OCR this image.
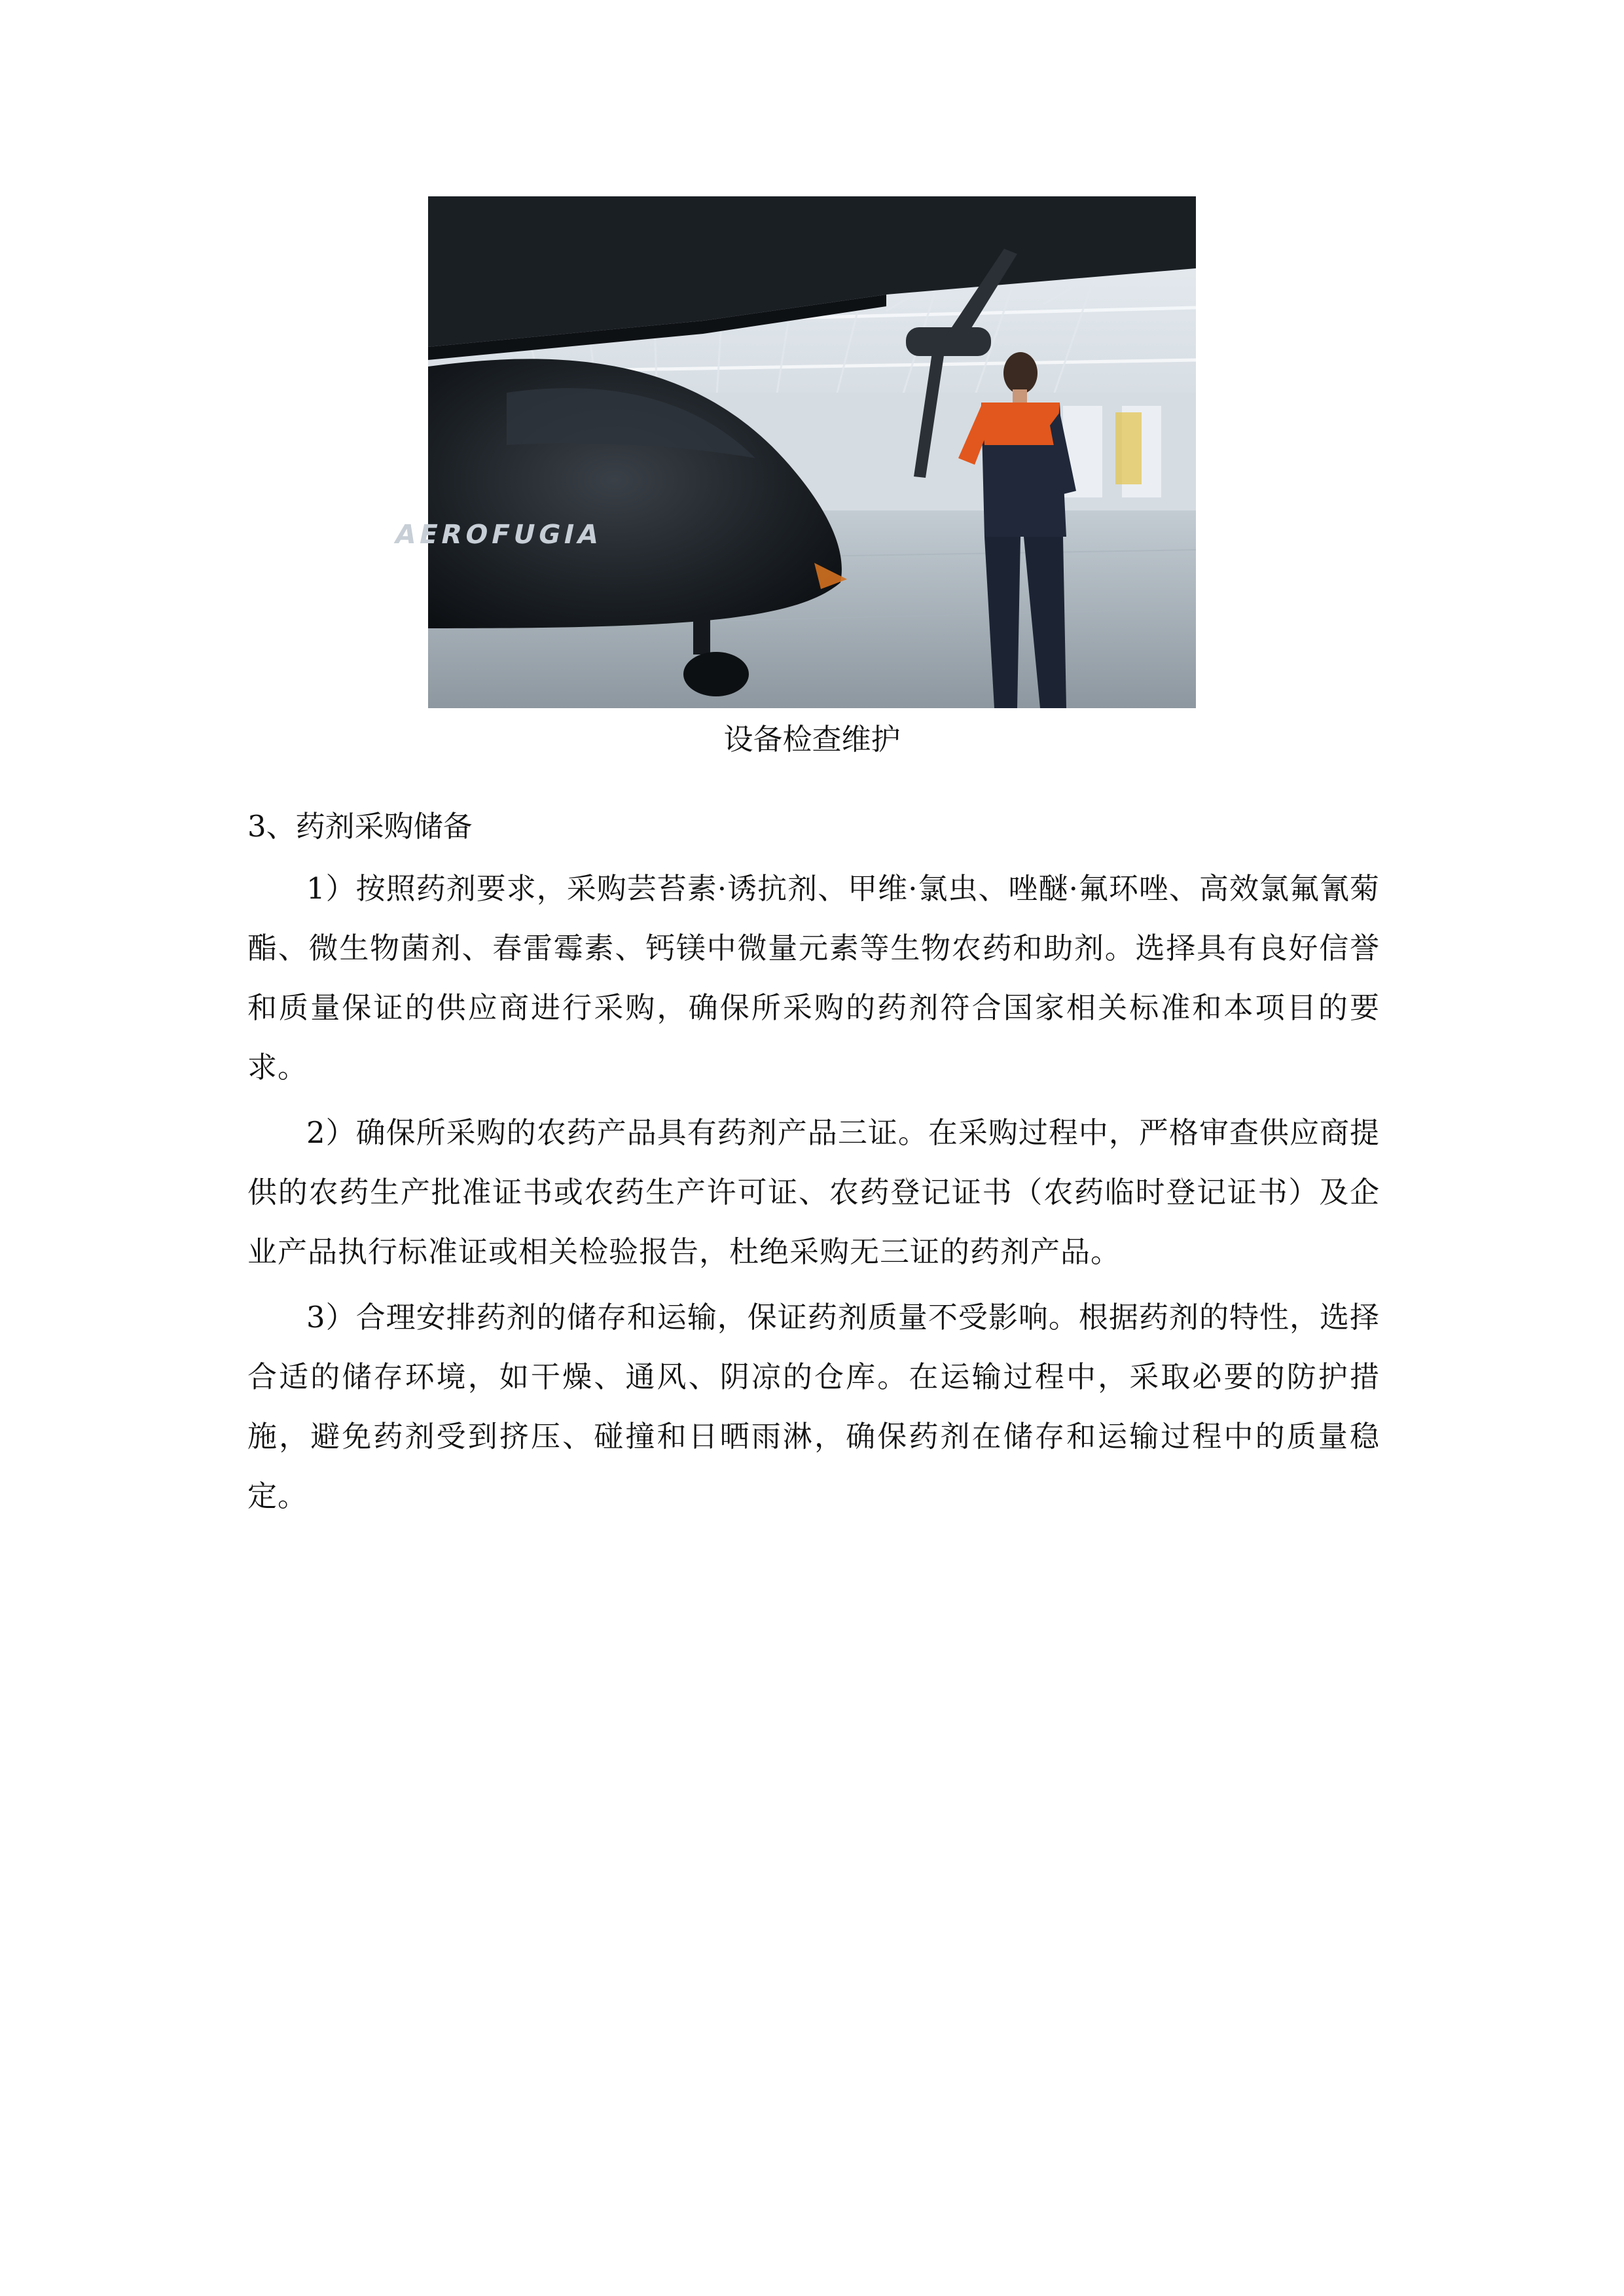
AEROFUGIA
设备检查维护

3、药剂采购储备

1）按照药剂要求，采购芸苔素·诱抗剂、甲维·氯虫、唑醚·氟环唑、高效氯氟氰菊酯、微生物菌剂、春雷霉素、钙镁中微量元素等生物农药和助剂。选择具有良好信誉和质量保证的供应商进行采购，确保所采购的药剂符合国家相关标准和本项目的要求。

2）确保所采购的农药产品具有药剂产品三证。在采购过程中，严格审查供应商提供的农药生产批准证书或农药生产许可证、农药登记证书（农药临时登记证书）及企业产品执行标准证或相关检验报告，杜绝采购无三证的药剂产品。

3）合理安排药剂的储存和运输，保证药剂质量不受影响。根据药剂的特性，选择合适的储存环境，如干燥、通风、阴凉的仓库。在运输过程中，采取必要的防护措施，避免药剂受到挤压、碰撞和日晒雨淋，确保药剂在储存和运输过程中的质量稳定。
